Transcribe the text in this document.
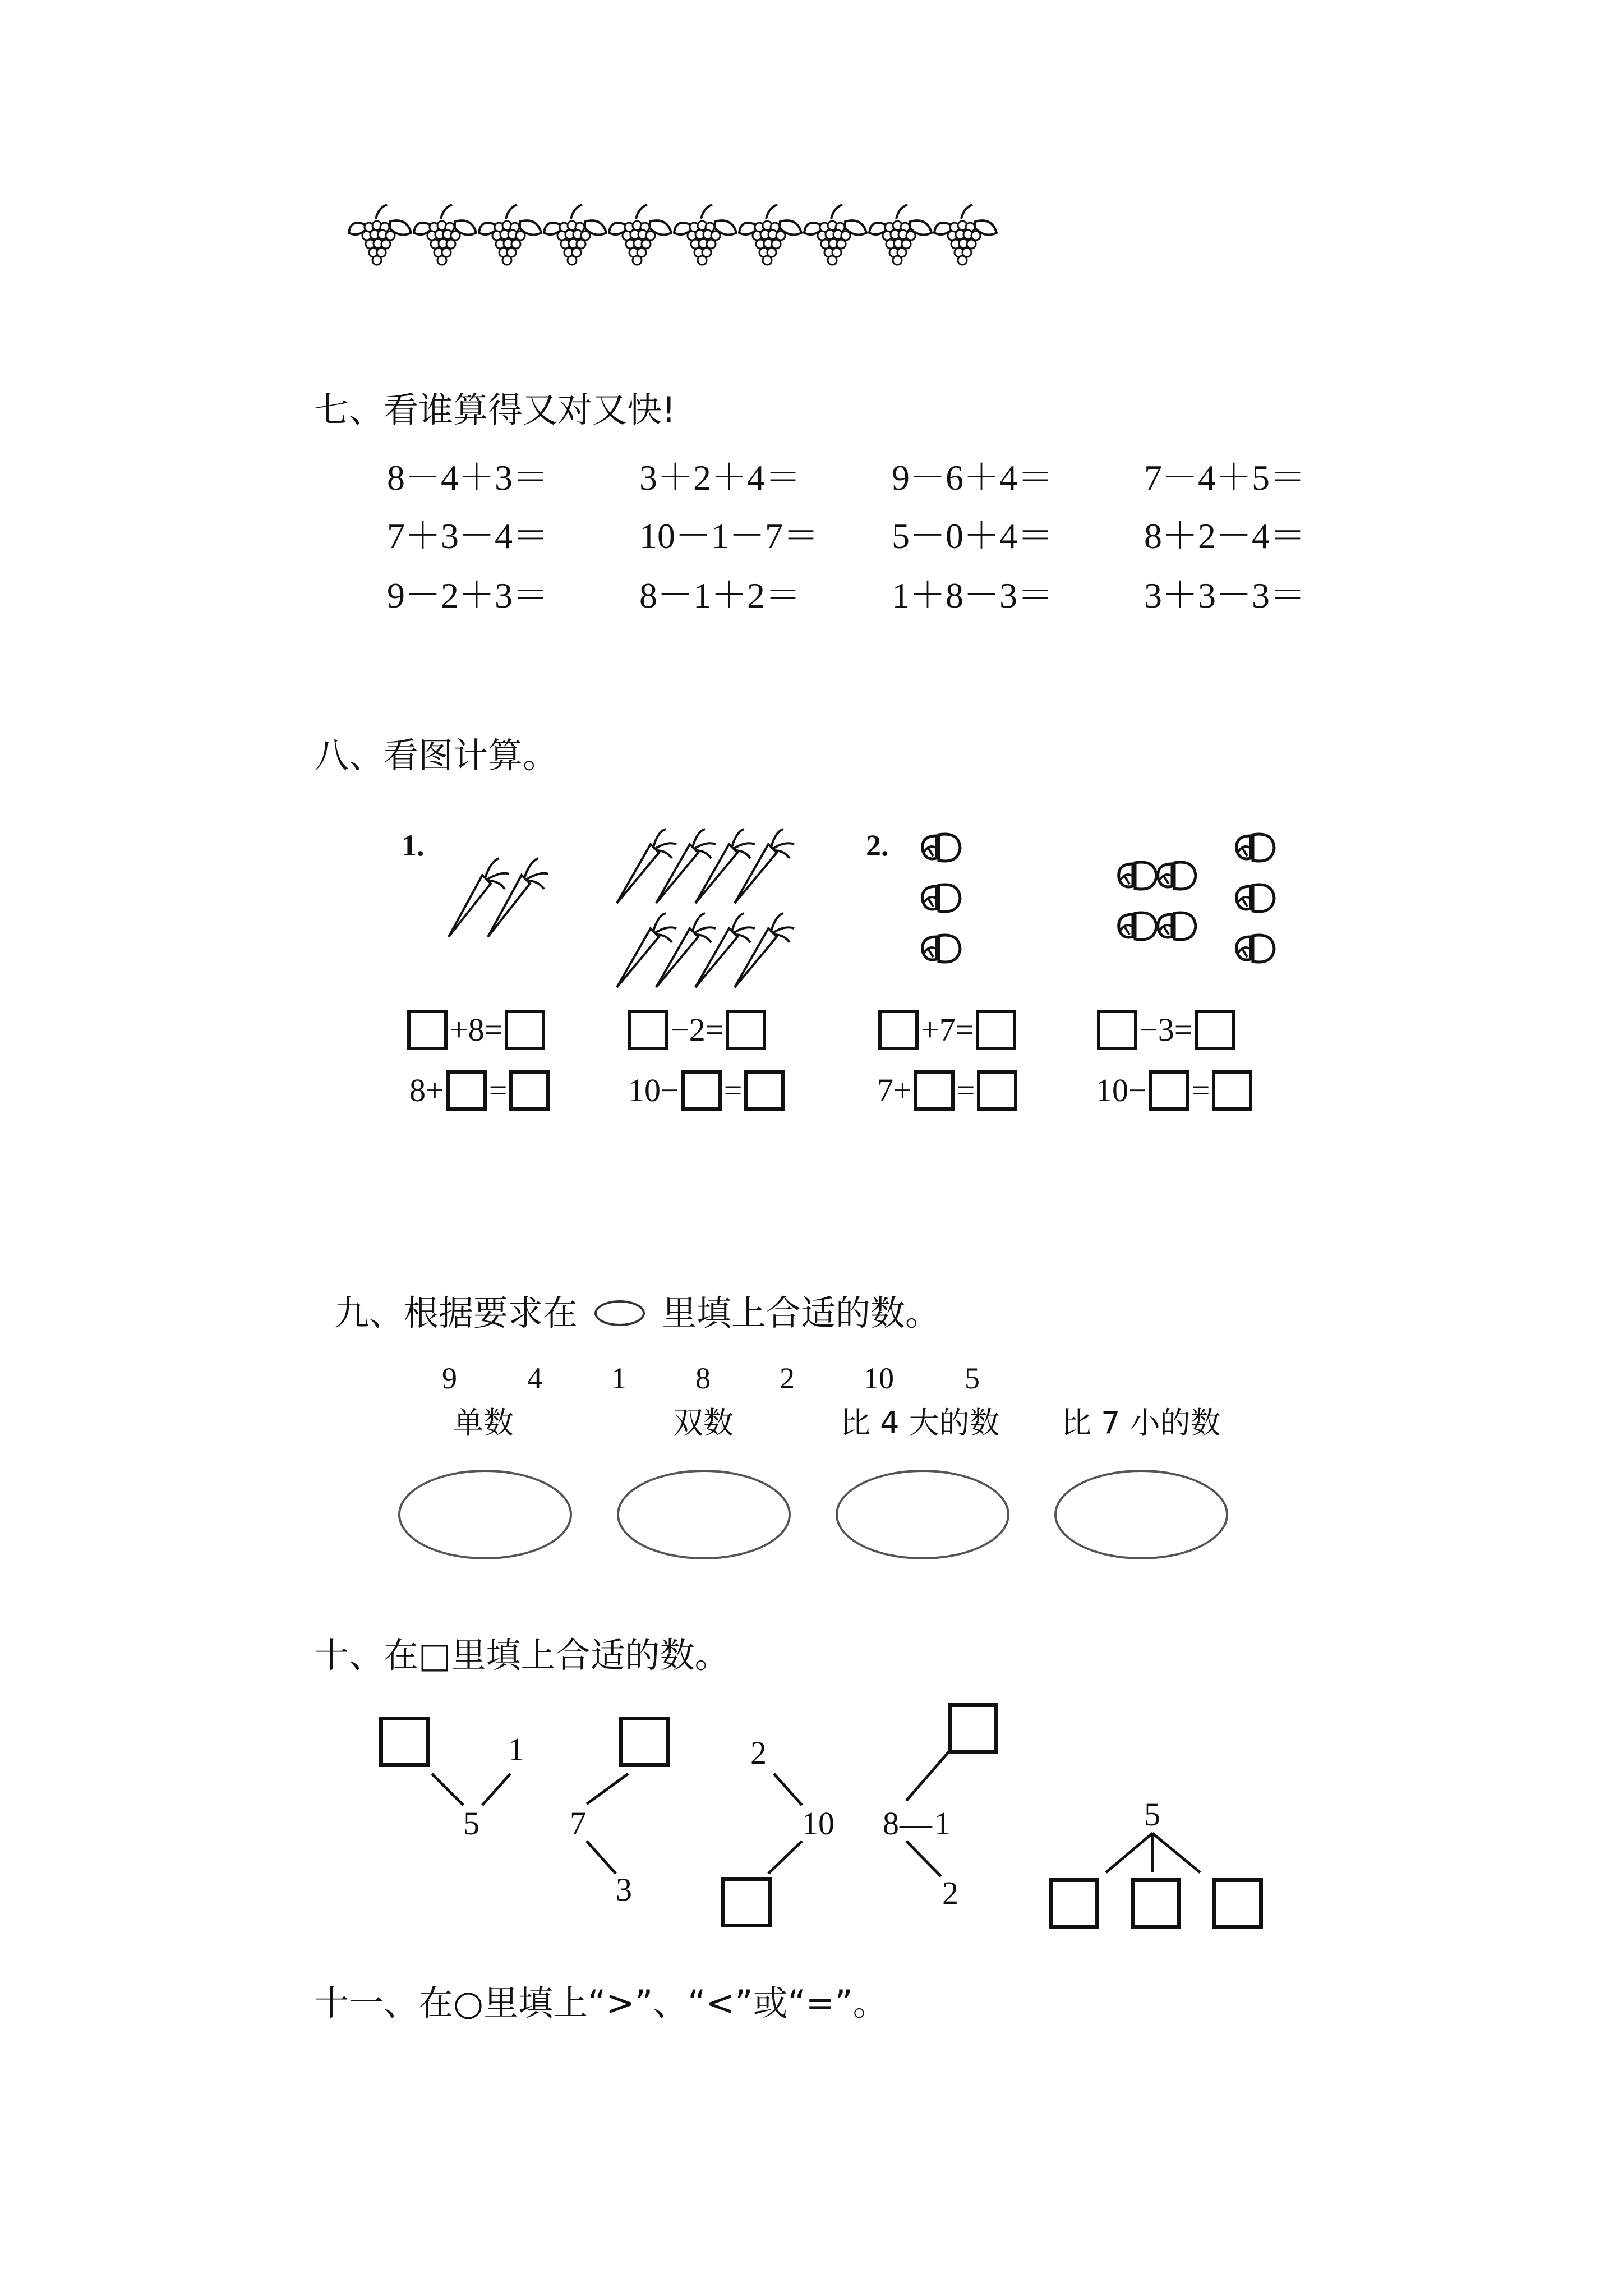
七、看谁算得又对又快!
8－4＋3＝	3＋2＋4＝	9－6＋4＝	7－4＋5＝
7＋3－4＝	10－1－7＝ 5－0＋4＝	8＋2－4＝
9－2＋3＝	8－1＋2＝	1＋8－3＝	3＋3－3＝
八、看图计算。
1.	2.
+8=	−2=	+7=	−3=
8+ =	10− =	7+ =	10− =
九、根据要求在 里填上合适的数。
9 4 1 8 2 10 5
单数	双数	比 4 大的数 比 7 小的数
十、在□里填上合适的数。
1
5	7
3
2
10 8 — 1
2
5
十一、在○里填上“>”、“<”或“=”。
